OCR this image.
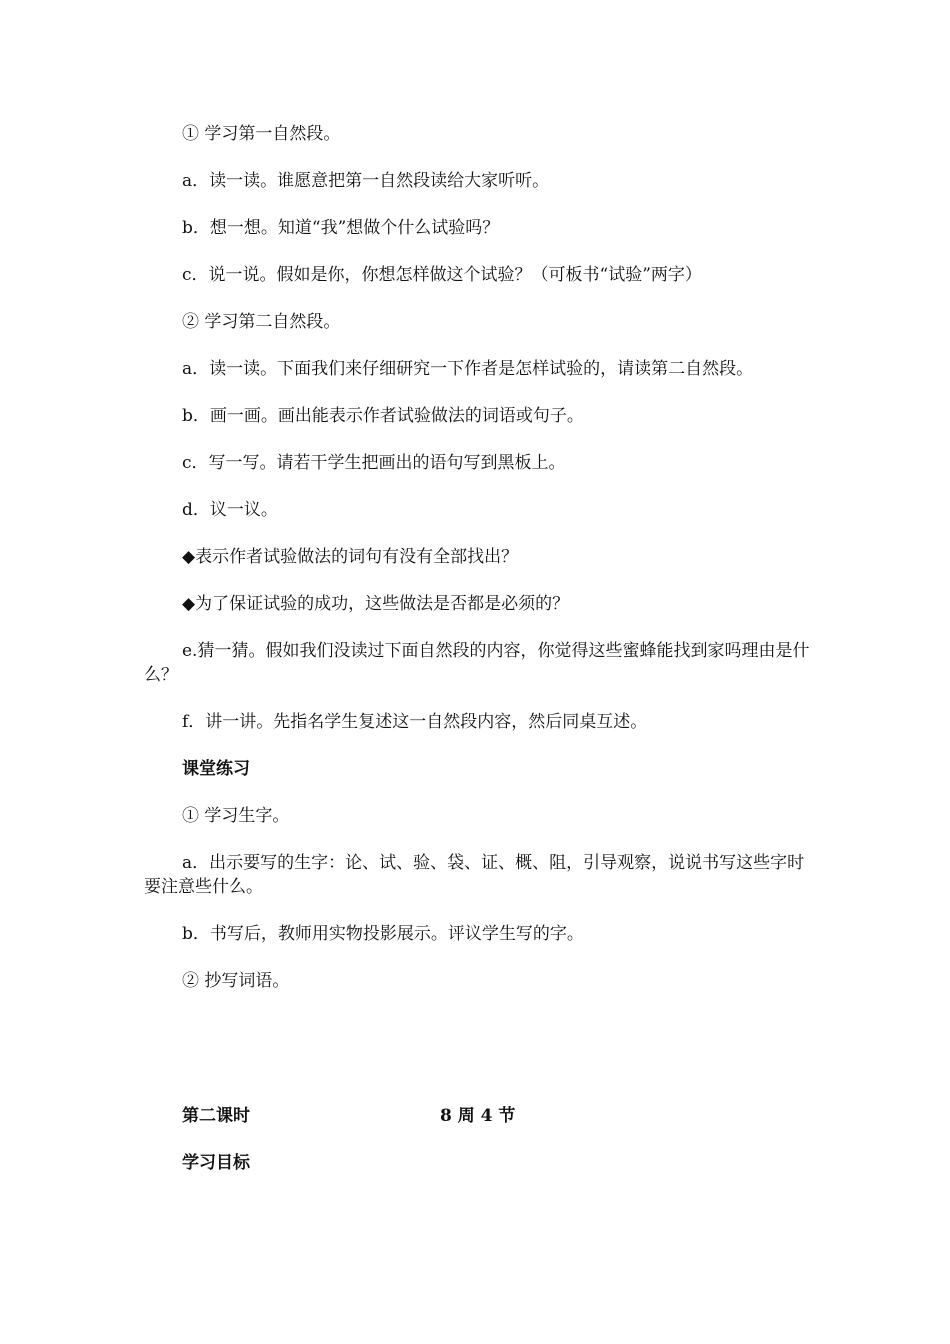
① 学习第一自然段。

a．读一读。谁愿意把第一自然段读给大家听听。

b．想一想。知道“我”想做个什么试验吗？

c．说一说。假如是你，你想怎样做这个试验？（可板书“试验”两字）

② 学习第二自然段。

a．读一读。下面我们来仔细研究一下作者是怎样试验的，请读第二自然段。

b．画一画。画出能表示作者试验做法的词语或句子。

c．写一写。请若干学生把画出的语句写到黑板上。

d．议一议。

◆表示作者试验做法的词句有没有全部找出？

◆为了保证试验的成功，这些做法是否都是必须的？

e.猜一猜。假如我们没读过下面自然段的内容，你觉得这些蜜蜂能找到家吗理由是什么？

f．讲一讲。先指名学生复述这一自然段内容，然后同桌互述。

课堂练习

① 学习生字。

a．出示要写的生字：论、试、验、袋、证、概、阻，引导观察，说说书写这些字时要注意些什么。

b．书写后，教师用实物投影展示。评议学生写的字。

② 抄写词语。

第二课时	8 周 4 节

学习目标
